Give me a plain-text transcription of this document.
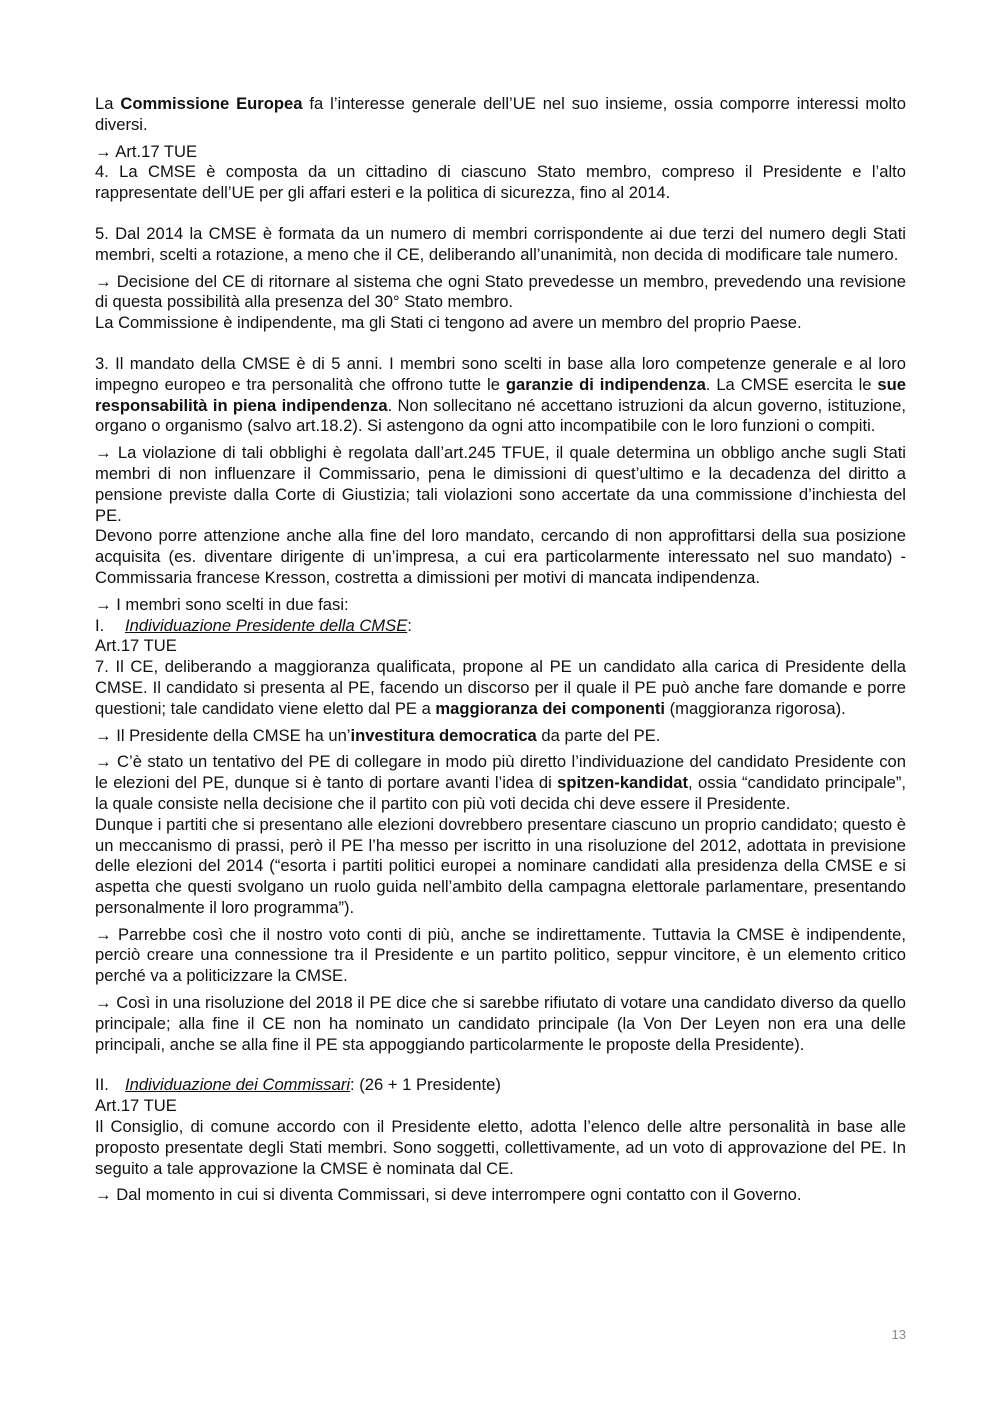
La Commissione Europea fa l’interesse generale dell’UE nel suo insieme, ossia comporre interessi molto diversi.

→ Art.17 TUE

4. La CMSE è composta da un cittadino di ciascuno Stato membro, compreso il Presidente e l’alto rappresentate dell’UE per gli affari esteri e la politica di sicurezza, fino al 2014.

5. Dal 2014 la CMSE è formata da un numero di membri corrispondente ai due terzi del numero degli Stati membri, scelti a rotazione, a meno che il CE, deliberando all’unanimità, non decida di modificare tale numero.

→ Decisione del CE di ritornare al sistema che ogni Stato prevedesse un membro, prevedendo una revisione di questa possibilità alla presenza del 30° Stato membro.

La Commissione è indipendente, ma gli Stati ci tengono ad avere un membro del proprio Paese.

3. Il mandato della CMSE è di 5 anni. I membri sono scelti in base alla loro competenze generale e al loro impegno europeo e tra personalità che offrono tutte le garanzie di indipendenza. La CMSE esercita le sue responsabilità in piena indipendenza. Non sollecitano né accettano istruzioni da alcun governo, istituzione, organo o organismo (salvo art.18.2). Si astengono da ogni atto incompatibile con le loro funzioni o compiti.

→ La violazione di tali obblighi è regolata dall’art.245 TFUE, il quale determina un obbligo anche sugli Stati membri di non influenzare il Commissario, pena le dimissioni di quest’ultimo e la decadenza del diritto a pensione previste dalla Corte di Giustizia; tali violazioni sono accertate da una commissione d’inchiesta del PE.

Devono porre attenzione anche alla fine del loro mandato, cercando di non approfittarsi della sua posizione acquisita (es. diventare dirigente di un’impresa, a cui era particolarmente interessato nel suo mandato) - Commissaria francese Kresson, costretta a dimissioni per motivi di mancata indipendenza.

→ I membri sono scelti in due fasi:

I. Individuazione Presidente della CMSE:

Art.17 TUE

7. Il CE, deliberando a maggioranza qualificata, propone al PE un candidato alla carica di Presidente della CMSE. Il candidato si presenta al PE, facendo un discorso per il quale il PE può anche fare domande e porre questioni; tale candidato viene eletto dal PE a maggioranza dei componenti (maggioranza rigorosa).

→ Il Presidente della CMSE ha un’investitura democratica da parte del PE.

→ C’è stato un tentativo del PE di collegare in modo più diretto l’individuazione del candidato Presidente con le elezioni del PE, dunque si è tanto di portare avanti l’idea di spitzen-kandidat, ossia “candidato principale”, la quale consiste nella decisione che il partito con più voti decida chi deve essere il Presidente.

Dunque i partiti che si presentano alle elezioni dovrebbero presentare ciascuno un proprio candidato; questo è un meccanismo di prassi, però il PE l’ha messo per iscritto in una risoluzione del 2012, adottata in previsione delle elezioni del 2014 (“esorta i partiti politici europei a nominare candidati alla presidenza della CMSE e si aspetta che questi svolgano un ruolo guida nell’ambito della campagna elettorale parlamentare, presentando personalmente il loro programma”).

→ Parrebbe così che il nostro voto conti di più, anche se indirettamente. Tuttavia la CMSE è indipendente, perciò creare una connessione tra il Presidente e un partito politico, seppur vincitore, è un elemento critico perché va a politicizzare la CMSE.

→ Così in una risoluzione del 2018 il PE dice che si sarebbe rifiutato di votare una candidato diverso da quello principale; alla fine il CE non ha nominato un candidato principale (la Von Der Leyen non era una delle principali, anche se alla fine il PE sta appoggiando particolarmente le proposte della Presidente).

II. Individuazione dei Commissari: (26 + 1 Presidente)

Art.17 TUE

Il Consiglio, di comune accordo con il Presidente eletto, adotta l’elenco delle altre personalità in base alle proposto presentate degli Stati membri. Sono soggetti, collettivamente, ad un voto di approvazione del PE. In seguito a tale approvazione la CMSE è nominata dal CE.

→ Dal momento in cui si diventa Commissari, si deve interrompere ogni contatto con il Governo.

13
